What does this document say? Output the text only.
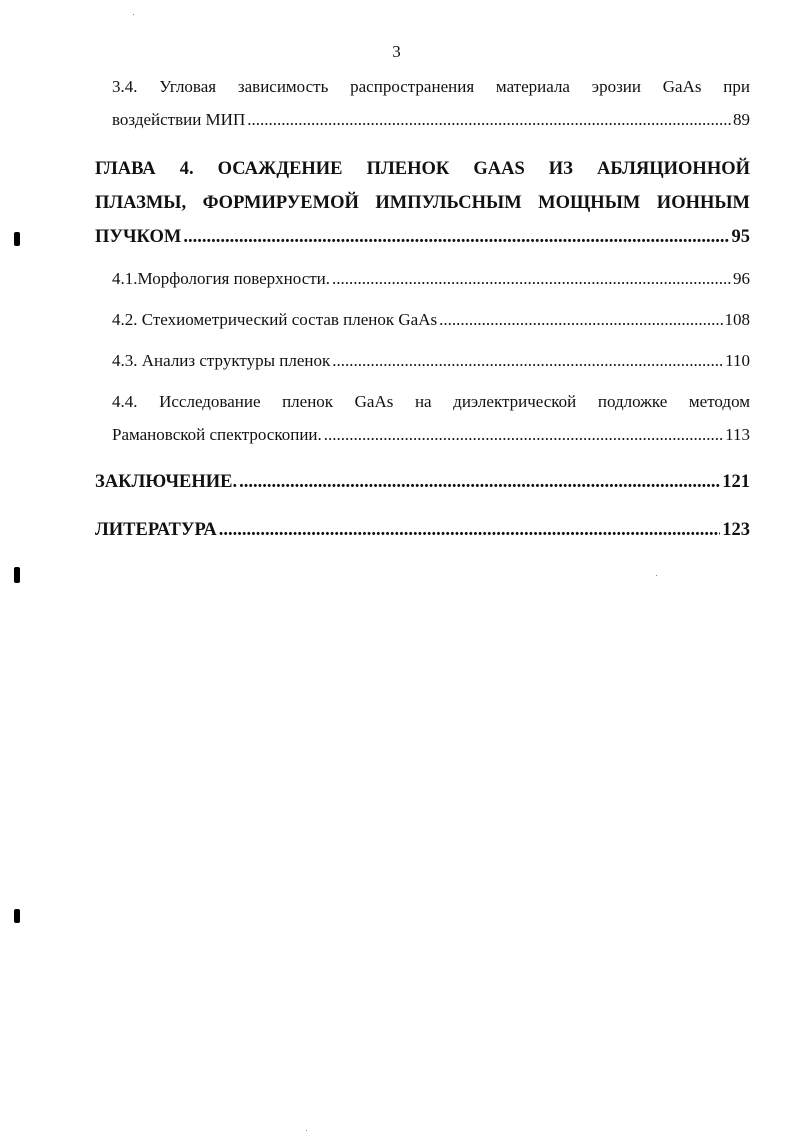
3
3.4. Угловая зависимость распространения материала эрозии GaAs при
воздействии МИП .....	89
ГЛАВА 4. ОСАЖДЕНИЕ ПЛЕНОК GAAS ИЗ АБЛЯЦИОННОЙ
ПЛАЗМЫ, ФОРМИРУЕМОЙ ИМПУЛЬСНЫМ МОЩНЫМ ИОННЫМ
ПУЧКОМ .....	95
4.1.Морфология поверхности. .....	96
4.2. Стехиометрический состав пленок GaAs .....	108
4.3. Анализ структуры пленок .....	110
4.4. Исследование пленок GaAs на диэлектрической подложке методом
Рамановской спектроскопии. .....	113
ЗАКЛЮЧЕНИЕ. .....	121
ЛИТЕРАТУРА .....	123
